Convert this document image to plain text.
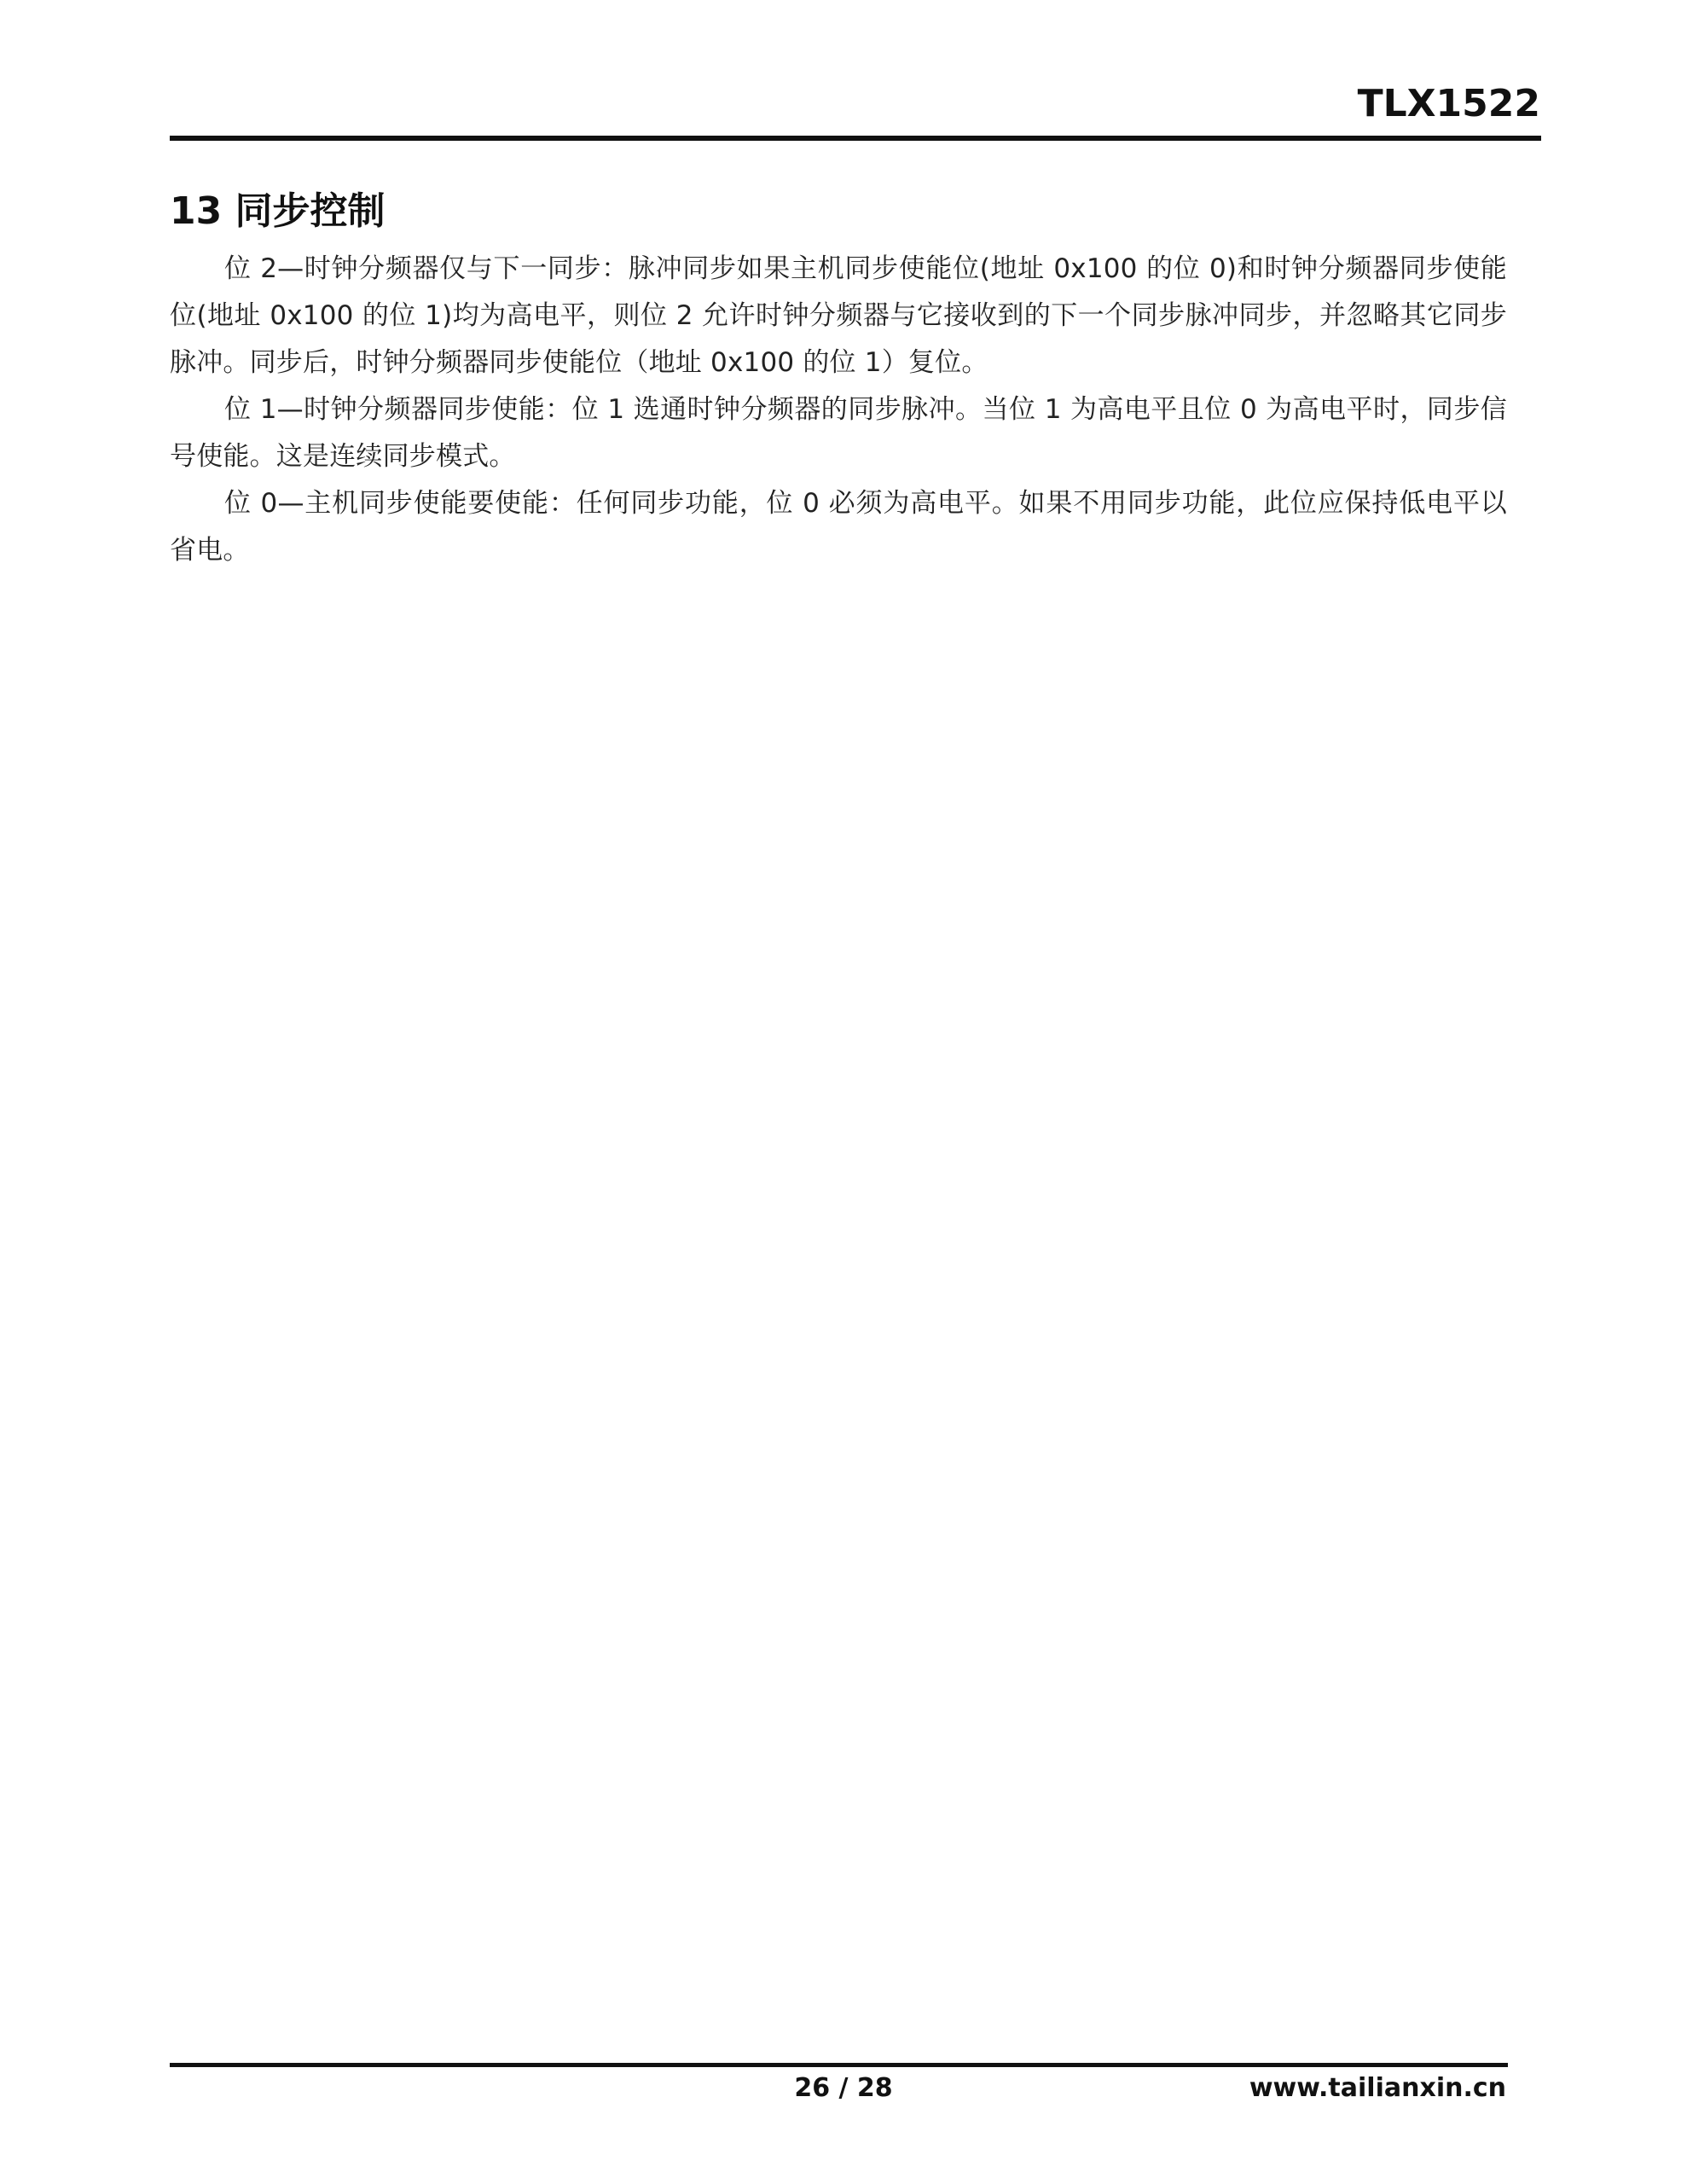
TLX1522
13 同步控制

位 2—时钟分频器仅与下一同步：脉冲同步如果主机同步使能位(地址 0x100 的位 0)和时钟分频器同步使能位(地址 0x100 的位 1)均为高电平，则位 2 允许时钟分频器与它接收到的下一个同步脉冲同步，并忽略其它同步脉冲。同步后，时钟分频器同步使能位（地址 0x100 的位 1）复位。

位 1—时钟分频器同步使能：位 1 选通时钟分频器的同步脉冲。当位 1 为高电平且位 0 为高电平时，同步信号使能。这是连续同步模式。

位 0—主机同步使能要使能：任何同步功能，位 0 必须为高电平。如果不用同步功能，此位应保持低电平以省电。

26 / 28	www.tailianxin.cn
